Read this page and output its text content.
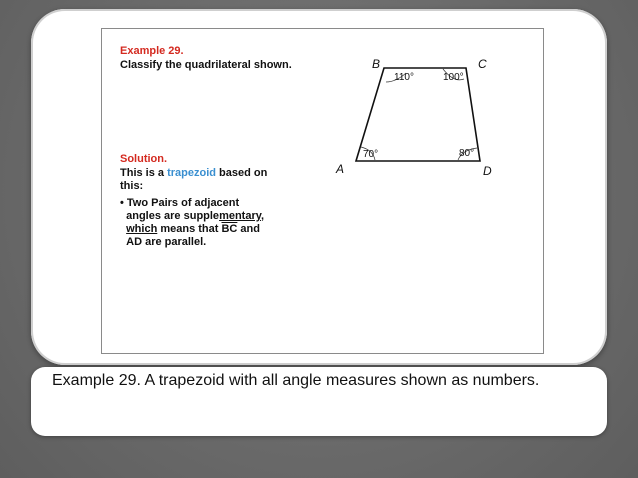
Example 29.

Classify the quadrilateral shown.

Solution.

This is a trapezoid based on
this:

• Two Pairs of adjacent
angles are supplementary,
which means that $\overline{BC}$ and
AD are parallel.

B	C
A	D
110°	100°
70°	80°
Example 29. A trapezoid with all angle measures shown as numbers.
